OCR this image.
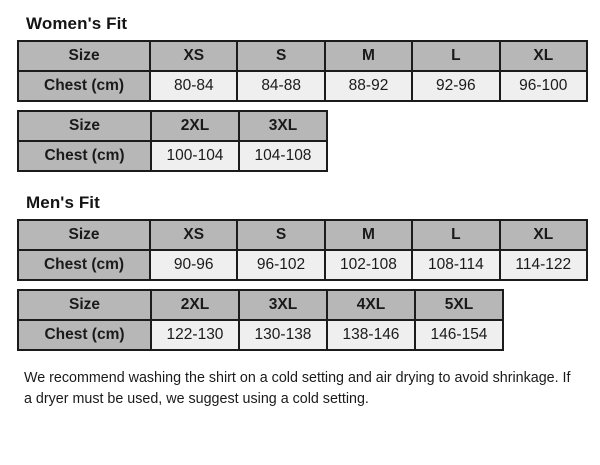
Women's Fit
Size	XS	S	M	L	XL
Chest (cm)	80-84	84-88	88-92	92-96	96-100
Size	2XL	3XL
Chest (cm)	100-104	104-108
Men's Fit
Size	XS	S	M	L	XL
Chest (cm)	90-96	96-102	102-108	108-114	114-122
Size	2XL	3XL	4XL	5XL
Chest (cm)	122-130	130-138	138-146	146-154
We recommend washing the shirt on a cold setting and air drying to avoid shrinkage. If a dryer must be used, we suggest using a cold setting.
